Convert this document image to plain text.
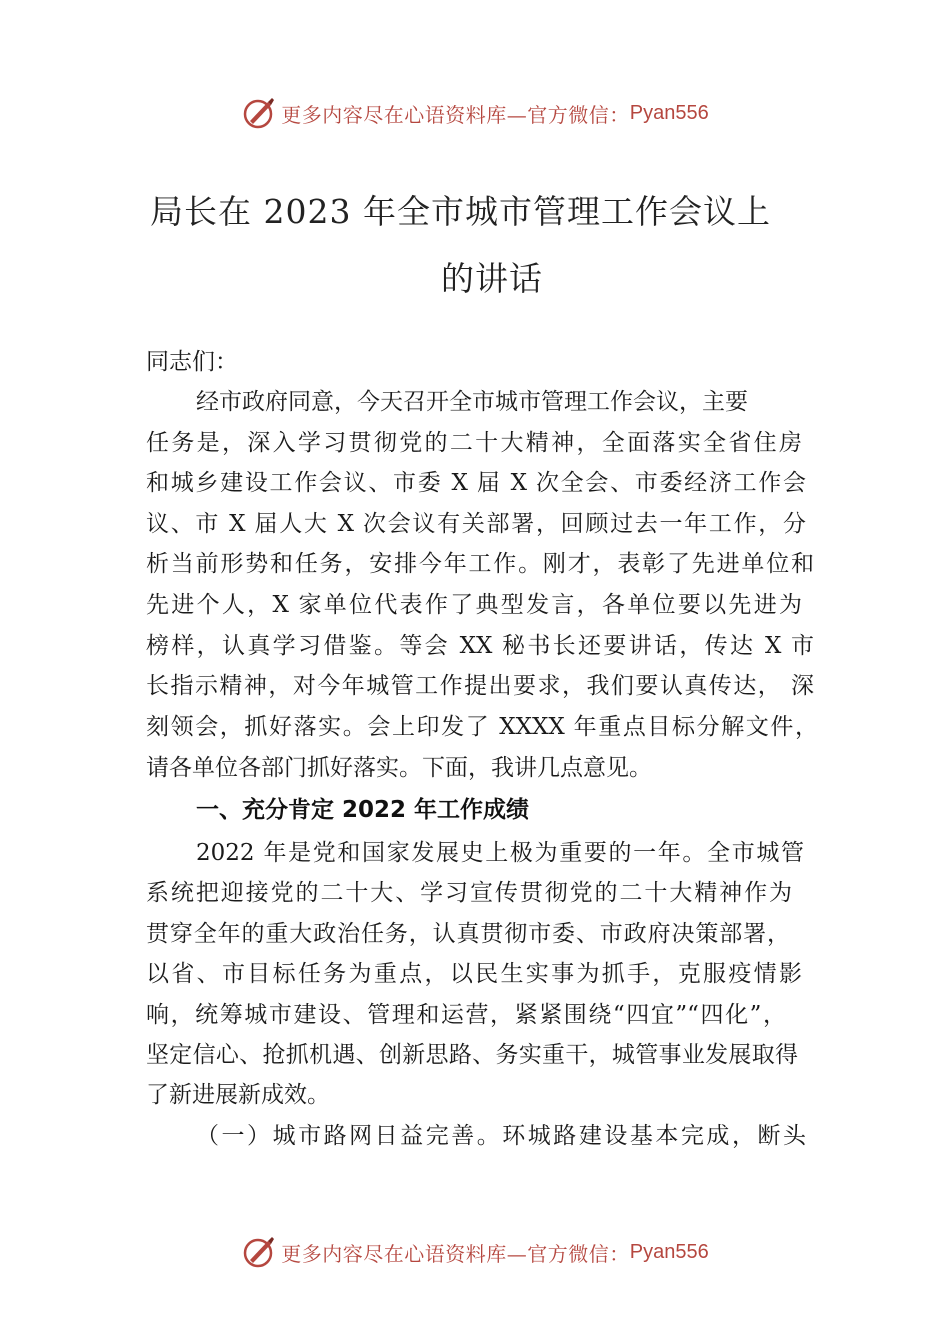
更多内容尽在心语资料库—官方微信： Pyan556
局长在 2023 年全市城市管理工作会议上
的讲话
同志们：
经市政府同意，今天召开全市城市管理工作会议，主要
任务是，深入学习贯彻党的二十大精神，全面落实全省住房
和城乡建设工作会议、市委 X 届 X 次全会、市委经济工作会
议、市 X 届人大 X 次会议有关部署，回顾过去一年工作，分
析当前形势和任务，安排今年工作。刚才，表彰了先进单位和
先进个人，X 家单位代表作了典型发言，各单位要以先进为
榜样，认真学习借鉴。等会 XX 秘书长还要讲话，传达 X 市
长指示精神，对今年城管工作提出要求，我们要认真传达， 深
刻领会，抓好落实。会上印发了 XXXX 年重点目标分解文件，
请各单位各部门抓好落实。下面，我讲几点意见。
一、充分肯定 2022 年工作成绩
2022 年是党和国家发展史上极为重要的一年。全市城管
系统把迎接党的二十大、学习宣传贯彻党的二十大精神作为
贯穿全年的重大政治任务，认真贯彻市委、市政府决策部署，
以省、市目标任务为重点，以民生实事为抓手，克服疫情影
响，统筹城市建设、管理和运营，紧紧围绕“四宜”“四化”，
坚定信心、抢抓机遇、创新思路、务实重干，城管事业发展取得
了新进展新成效。
（一）城市路网日益完善。环城路建设基本完成，断头
更多内容尽在心语资料库—官方微信： Pyan556
